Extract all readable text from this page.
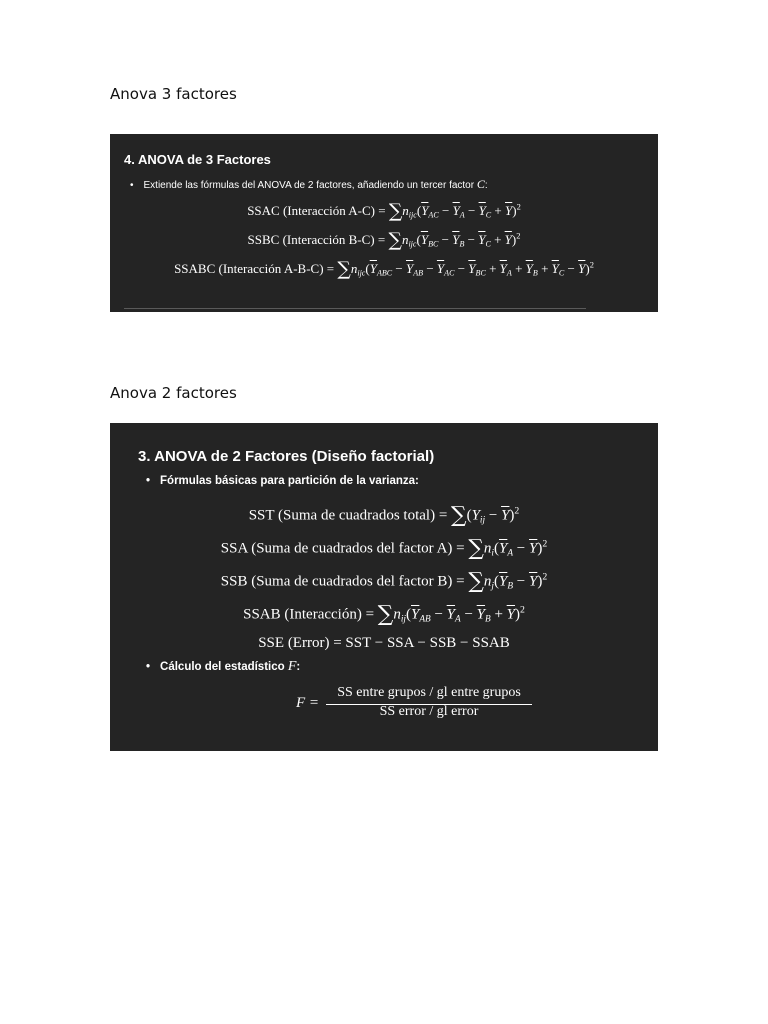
Anova 3 factores
4. ANOVA de 3 Factores
• Extiende las fórmulas del ANOVA de 2 factores, añadiendo un tercer factor C:
SSAC (Interacción $A-C) = \sum n_{ijc}(\overline{Y}_{AC} - \overline{Y}_A - \overline{Y}_C + \overline{Y})^2$
SSBC (Interacción $B-C) = \sum n_{ijc}(\overline{Y}_{BC} - \overline{Y}_B - \overline{Y}_C + \overline{Y})^2$
SSABC (Interacción $A-B-C) = \sum n_{ijc}(\overline{Y}_{ABC} - \overline{Y}_{AB} - \overline{Y}_{AC} - \overline{Y}_{BC} + \overline{Y}_A + \overline{Y}_B + \overline{Y}_C - \overline{Y})^2$
Anova 2 factores
3. ANOVA de 2 Factores (Diseño factorial)
• Fórmulas básicas para partición de la varianza:
SST (Suma de cuadrados total) = $\sum(Y_{ij} - \overline{Y})^2$
SSA (Suma de cuadrados del factor $A) = \sum n_i(\overline{Y}_A - \overline{Y})^2$
SSB (Suma de cuadrados del factor $B) = \sum n_j(\overline{Y}_B - \overline{Y})^2$
SSAB (Interacción) = $\sum n_{ij}(\overline{Y}_{AB} - \overline{Y}_A - \overline{Y}_B + \overline{Y})^2$
SSE (Error) = SST − SSA − SSB − SSAB
• Cálculo del estadístico F:
F =
SS entre grupos / gl entre grupos
SS error / gl error
